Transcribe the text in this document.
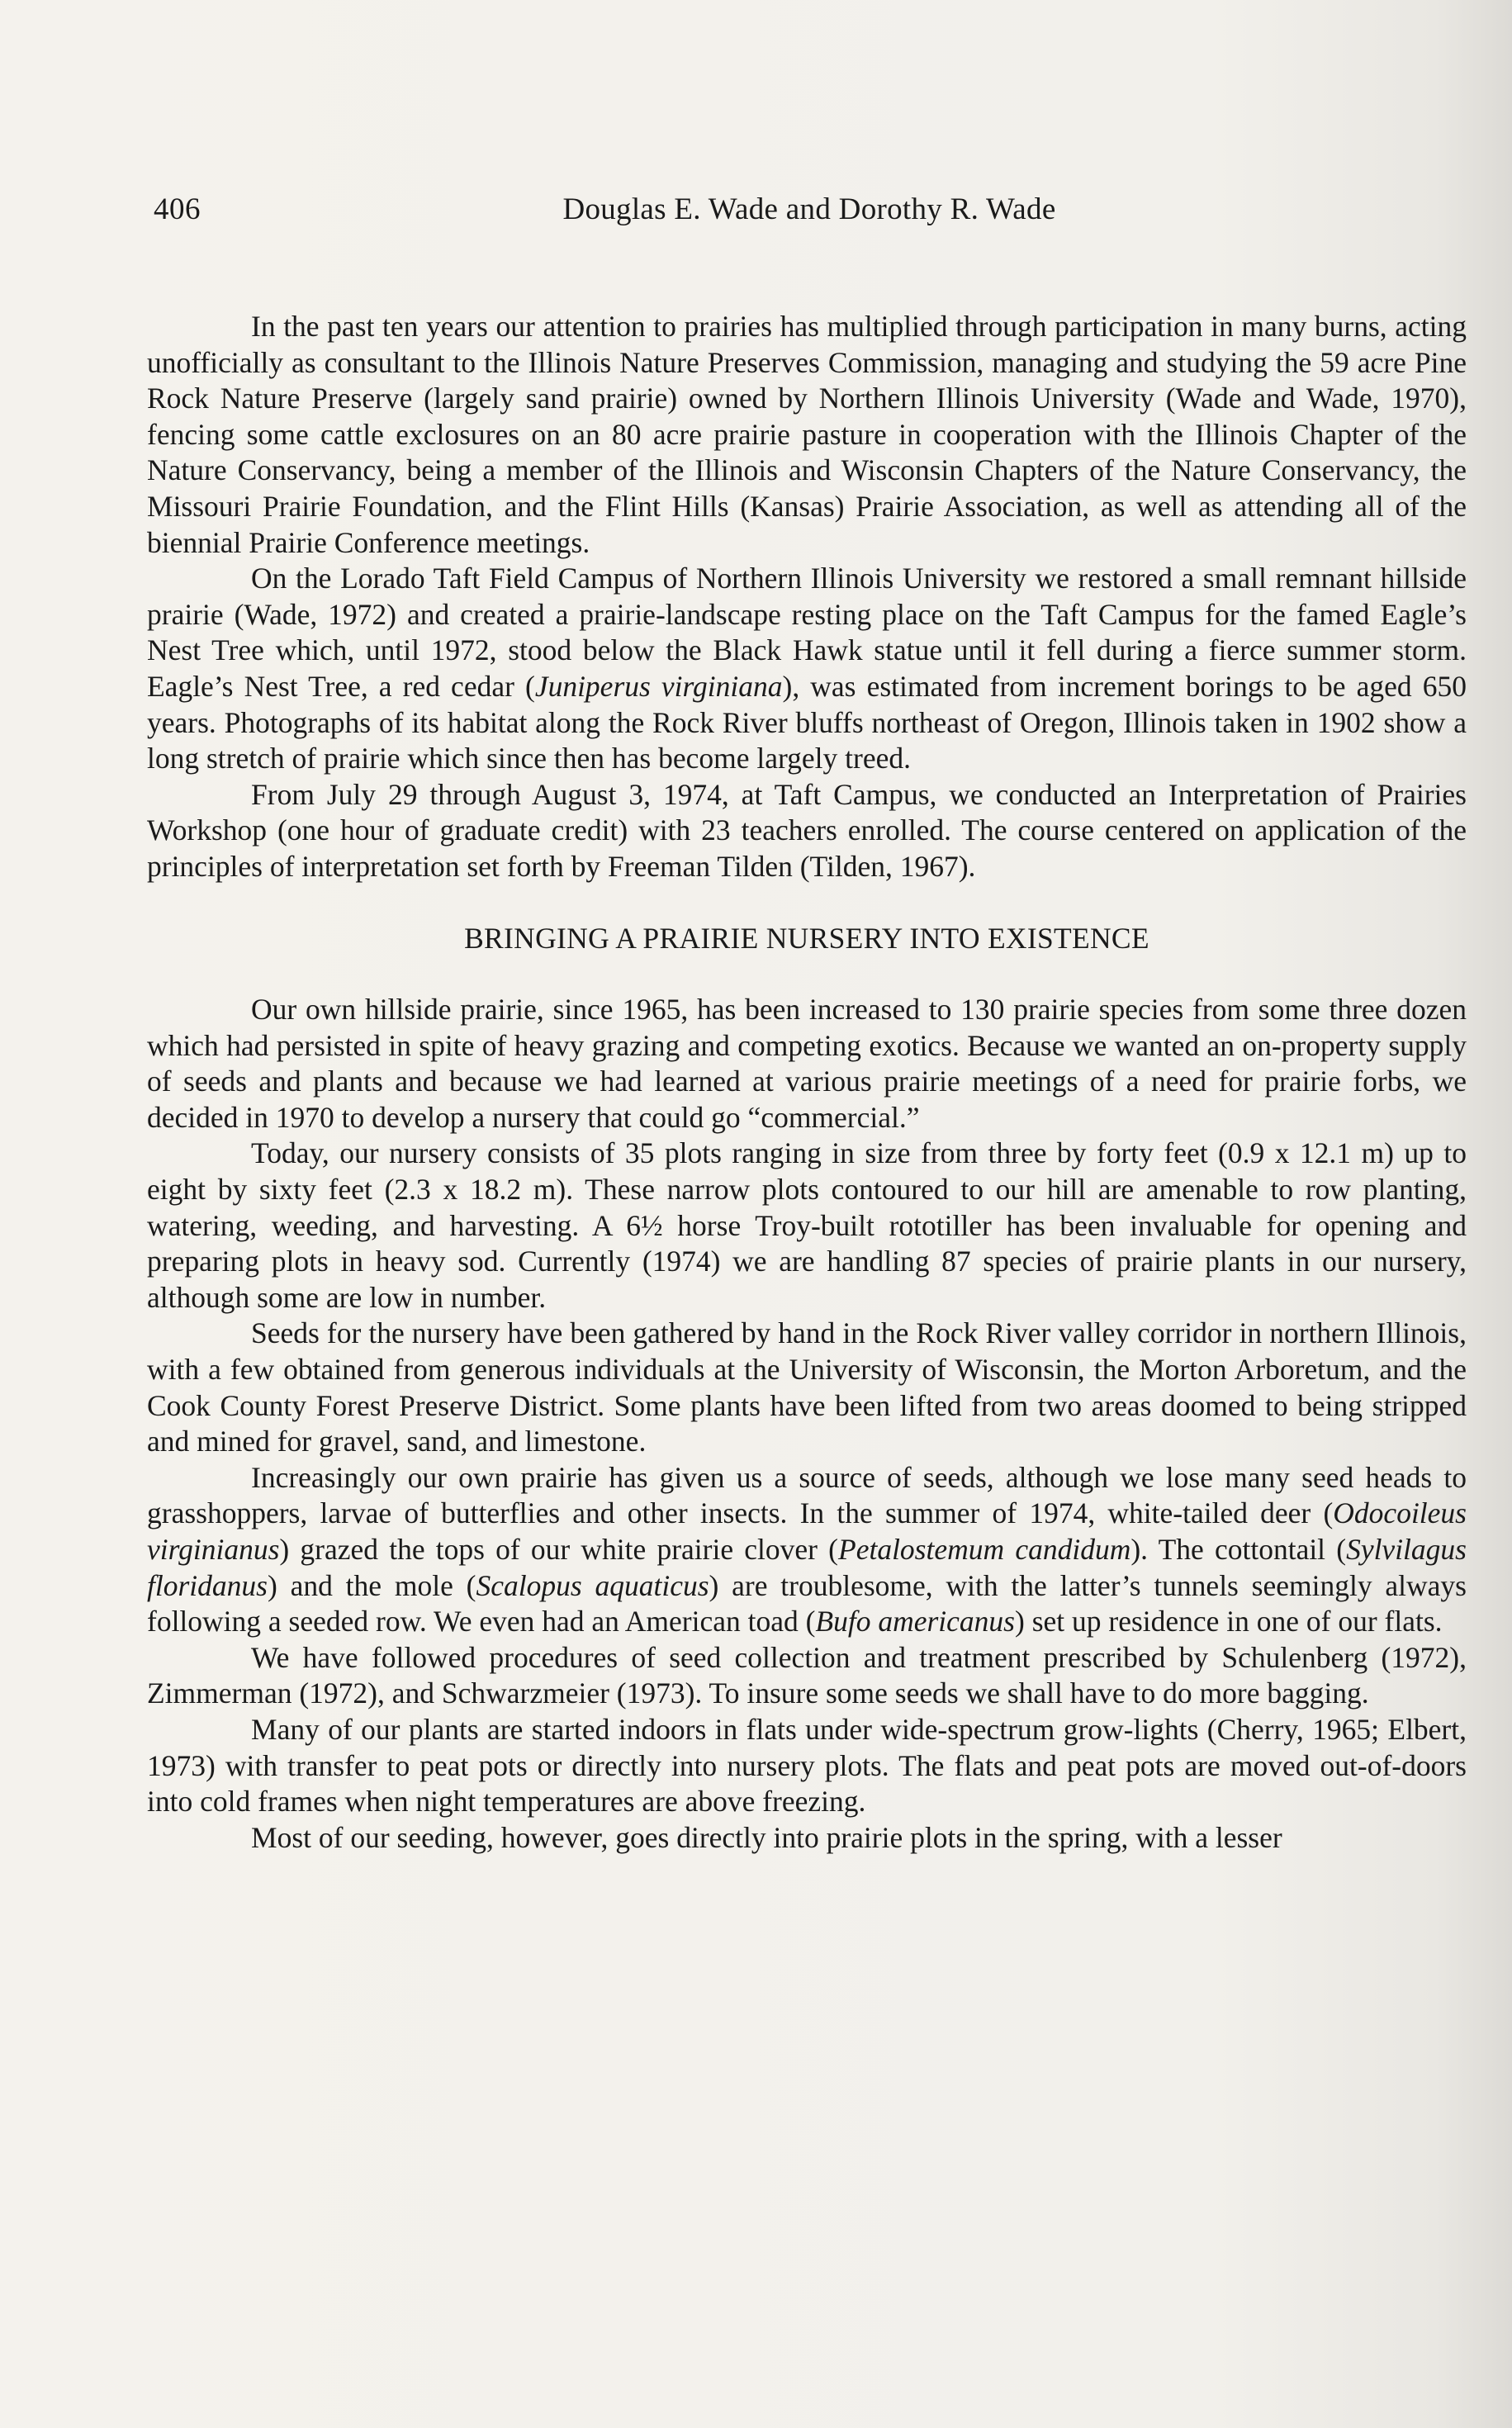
406	Douglas E. Wade and Dorothy R. Wade

In the past ten years our attention to prairies has multiplied through participation in many burns, acting unofficially as consultant to the Illinois Nature Preserves Commission, managing and studying the 59 acre Pine Rock Nature Preserve (largely sand prairie) owned by Northern Illinois University (Wade and Wade, 1970), fencing some cattle exclosures on an 80 acre prairie pasture in cooperation with the Illinois Chapter of the Nature Conservancy, being a member of the Illinois and Wisconsin Chapters of the Nature Conservancy, the Missouri Prairie Foundation, and the Flint Hills (Kansas) Prairie Association, as well as attending all of the biennial Prairie Conference meetings.

On the Lorado Taft Field Campus of Northern Illinois University we restored a small remnant hillside prairie (Wade, 1972) and created a prairie-landscape resting place on the Taft Campus for the famed Eagle’s Nest Tree which, until 1972, stood below the Black Hawk statue until it fell during a fierce summer storm. Eagle’s Nest Tree, a red cedar (Juniperus virginiana), was estimated from increment borings to be aged 650 years. Photographs of its habitat along the Rock River bluffs northeast of Oregon, Illinois taken in 1902 show a long stretch of prairie which since then has become largely treed.

From July 29 through August 3, 1974, at Taft Campus, we conducted an Interpretation of Prairies Workshop (one hour of graduate credit) with 23 teachers enrolled. The course centered on application of the principles of interpretation set forth by Freeman Tilden (Tilden, 1967).

BRINGING A PRAIRIE NURSERY INTO EXISTENCE

Our own hillside prairie, since 1965, has been increased to 130 prairie species from some three dozen which had persisted in spite of heavy grazing and competing exotics. Because we wanted an on-property supply of seeds and plants and because we had learned at various prairie meetings of a need for prairie forbs, we decided in 1970 to develop a nursery that could go “commercial.”

Today, our nursery consists of 35 plots ranging in size from three by forty feet (0.9 x 12.1 m) up to eight by sixty feet (2.3 x 18.2 m). These narrow plots contoured to our hill are amenable to row planting, watering, weeding, and harvesting. A 6½ horse Troy-built rototiller has been invaluable for opening and preparing plots in heavy sod. Currently (1974) we are handling 87 species of prairie plants in our nursery, although some are low in number.

Seeds for the nursery have been gathered by hand in the Rock River valley corridor in northern Illinois, with a few obtained from generous individuals at the University of Wisconsin, the Morton Arboretum, and the Cook County Forest Preserve District. Some plants have been lifted from two areas doomed to being stripped and mined for gravel, sand, and limestone.

Increasingly our own prairie has given us a source of seeds, although we lose many seed heads to grasshoppers, larvae of butterflies and other insects. In the summer of 1974, white-tailed deer (Odocoileus virginianus) grazed the tops of our white prairie clover (Petalostemum candidum). The cottontail (Sylvilagus floridanus) and the mole (Scalopus aquaticus) are troublesome, with the latter’s tunnels seemingly always following a seeded row. We even had an American toad (Bufo americanus) set up residence in one of our flats.

We have followed procedures of seed collection and treatment prescribed by Schulenberg (1972), Zimmerman (1972), and Schwarzmeier (1973). To insure some seeds we shall have to do more bagging.

Many of our plants are started indoors in flats under wide-spectrum grow-lights (Cherry, 1965; Elbert, 1973) with transfer to peat pots or directly into nursery plots. The flats and peat pots are moved out-of-doors into cold frames when night temperatures are above freezing.

Most of our seeding, however, goes directly into prairie plots in the spring, with a lesser
